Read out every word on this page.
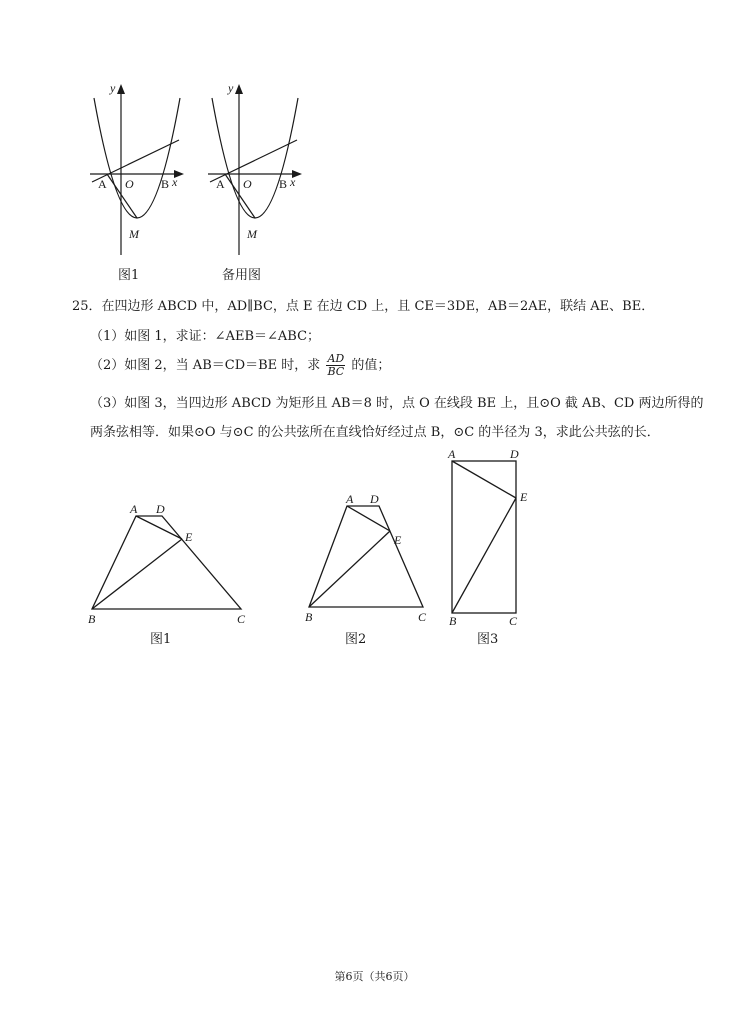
y
x
A O B
M
图1
y
x
A O B
M
备用图
25．在四边形 ABCD 中，AD∥BC，点 E 在边 CD 上，且 CE＝3DE，AB＝2AE，联结 AE、BE．
（1）如图 1，求证：∠AEB＝∠ABC；
（2）如图 2，当 AB＝CD＝BE 时，求 $\frac{AD}{BC}$ 的值；
（3）如图 3，当四边形 ABCD 为矩形且 AB＝8 时，点 O 在线段 BE 上，且⊙O 截 AB、CD 两边所得的
两条弦相等．如果⊙O 与⊙C 的公共弦所在直线恰好经过点 B，⊙C 的半径为 3，求此公共弦的长．
A D
E
B	C
图1
A D
E
B	C
图2
A	D
E
B	C
图3
第6页（共6页）
